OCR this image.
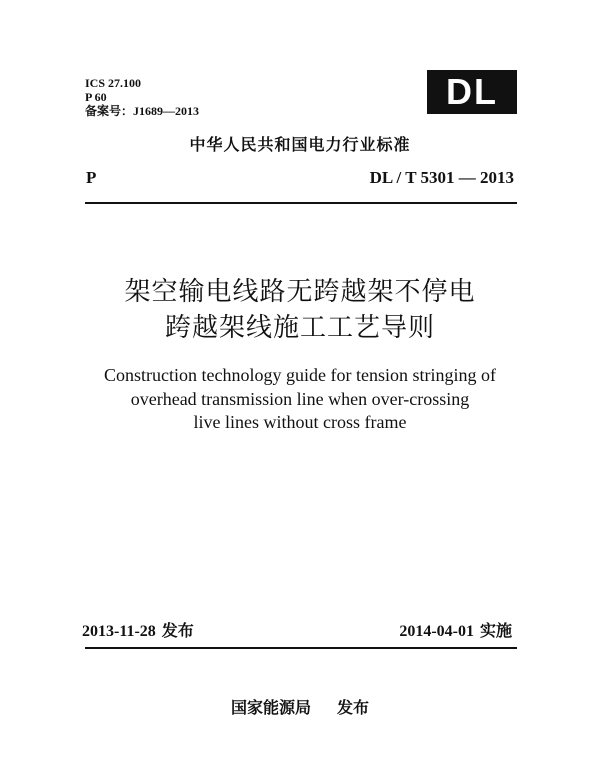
ICS 27.100
P 60
备案号：J1689—2013	DL
中华人民共和国电力行业标准
P	DL / T 5301 — 2013
架空输电线路无跨越架不停电
跨越架线施工工艺导则
Construction technology guide for tension stringing of
overhead transmission line when over-crossing
live lines without cross frame
2013-11-28 发布	2014-04-01 实施
国家能源局 发布
